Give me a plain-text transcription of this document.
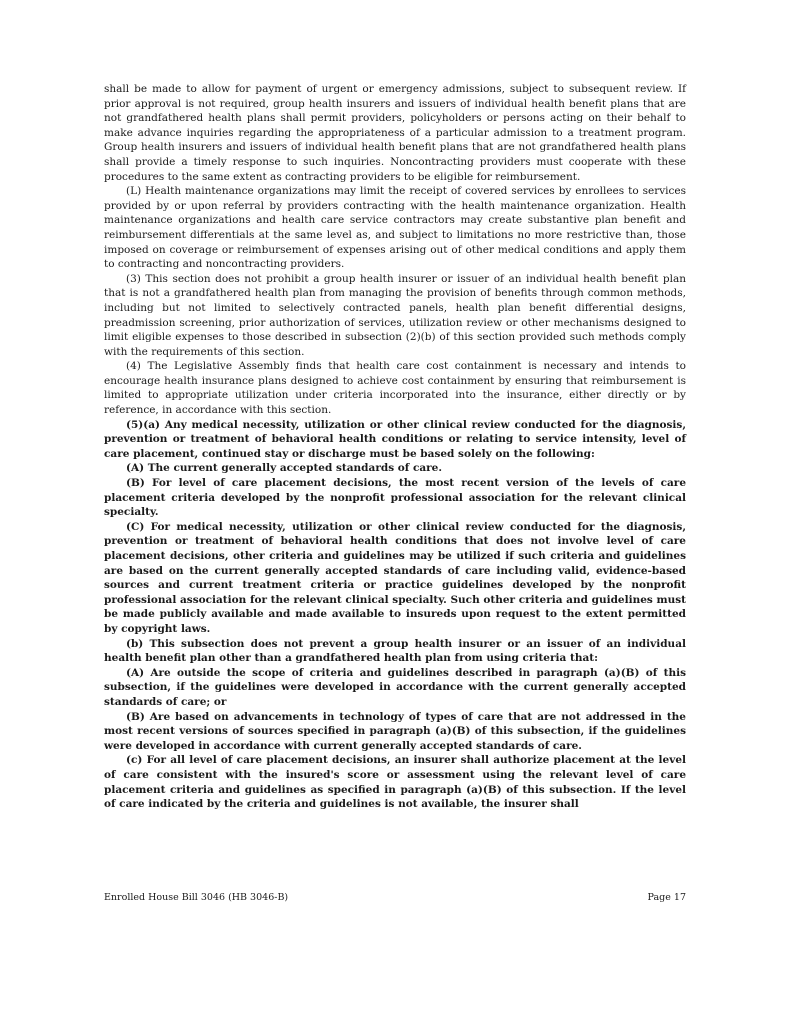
shall be made to allow for payment of urgent or emergency admissions, subject to subsequent review. If prior approval is not required, group health insurers and issuers of individual health benefit plans that are not grandfathered health plans shall permit providers, policyholders or persons acting on their behalf to make advance inquiries regarding the appropriateness of a particular admission to a treatment program. Group health insurers and issuers of individual health benefit plans that are not grandfathered health plans shall provide a timely response to such inquiries. Noncontracting providers must cooperate with these procedures to the same extent as contracting providers to be eligible for reimbursement.

(L) Health maintenance organizations may limit the receipt of covered services by enrollees to services provided by or upon referral by providers contracting with the health maintenance organization. Health maintenance organizations and health care service contractors may create substantive plan benefit and reimbursement differentials at the same level as, and subject to limitations no more restrictive than, those imposed on coverage or reimbursement of expenses arising out of other medical conditions and apply them to contracting and noncontracting providers.

(3) This section does not prohibit a group health insurer or issuer of an individual health benefit plan that is not a grandfathered health plan from managing the provision of benefits through common methods, including but not limited to selectively contracted panels, health plan benefit differential designs, preadmission screening, prior authorization of services, utilization review or other mechanisms designed to limit eligible expenses to those described in subsection (2)(b) of this section provided such methods comply with the requirements of this section.

(4) The Legislative Assembly finds that health care cost containment is necessary and intends to encourage health insurance plans designed to achieve cost containment by ensuring that reimbursement is limited to appropriate utilization under criteria incorporated into the insurance, either directly or by reference, in accordance with this section.

(5)(a) Any medical necessity, utilization or other clinical review conducted for the diagnosis, prevention or treatment of behavioral health conditions or relating to service intensity, level of care placement, continued stay or discharge must be based solely on the following:

(A) The current generally accepted standards of care.

(B) For level of care placement decisions, the most recent version of the levels of care placement criteria developed by the nonprofit professional association for the relevant clinical specialty.

(C) For medical necessity, utilization or other clinical review conducted for the diagnosis, prevention or treatment of behavioral health conditions that does not involve level of care placement decisions, other criteria and guidelines may be utilized if such criteria and guidelines are based on the current generally accepted standards of care including valid, evidence-based sources and current treatment criteria or practice guidelines developed by the nonprofit professional association for the relevant clinical specialty. Such other criteria and guidelines must be made publicly available and made available to insureds upon request to the extent permitted by copyright laws.

(b) This subsection does not prevent a group health insurer or an issuer of an individual health benefit plan other than a grandfathered health plan from using criteria that:

(A) Are outside the scope of criteria and guidelines described in paragraph (a)(B) of this subsection, if the guidelines were developed in accordance with the current generally accepted standards of care; or

(B) Are based on advancements in technology of types of care that are not addressed in the most recent versions of sources specified in paragraph (a)(B) of this subsection, if the guidelines were developed in accordance with current generally accepted standards of care.

(c) For all level of care placement decisions, an insurer shall authorize placement at the level of care consistent with the insured's score or assessment using the relevant level of care placement criteria and guidelines as specified in paragraph (a)(B) of this subsection. If the level of care indicated by the criteria and guidelines is not available, the insurer shall

Enrolled House Bill 3046 (HB 3046-B)	Page 17
